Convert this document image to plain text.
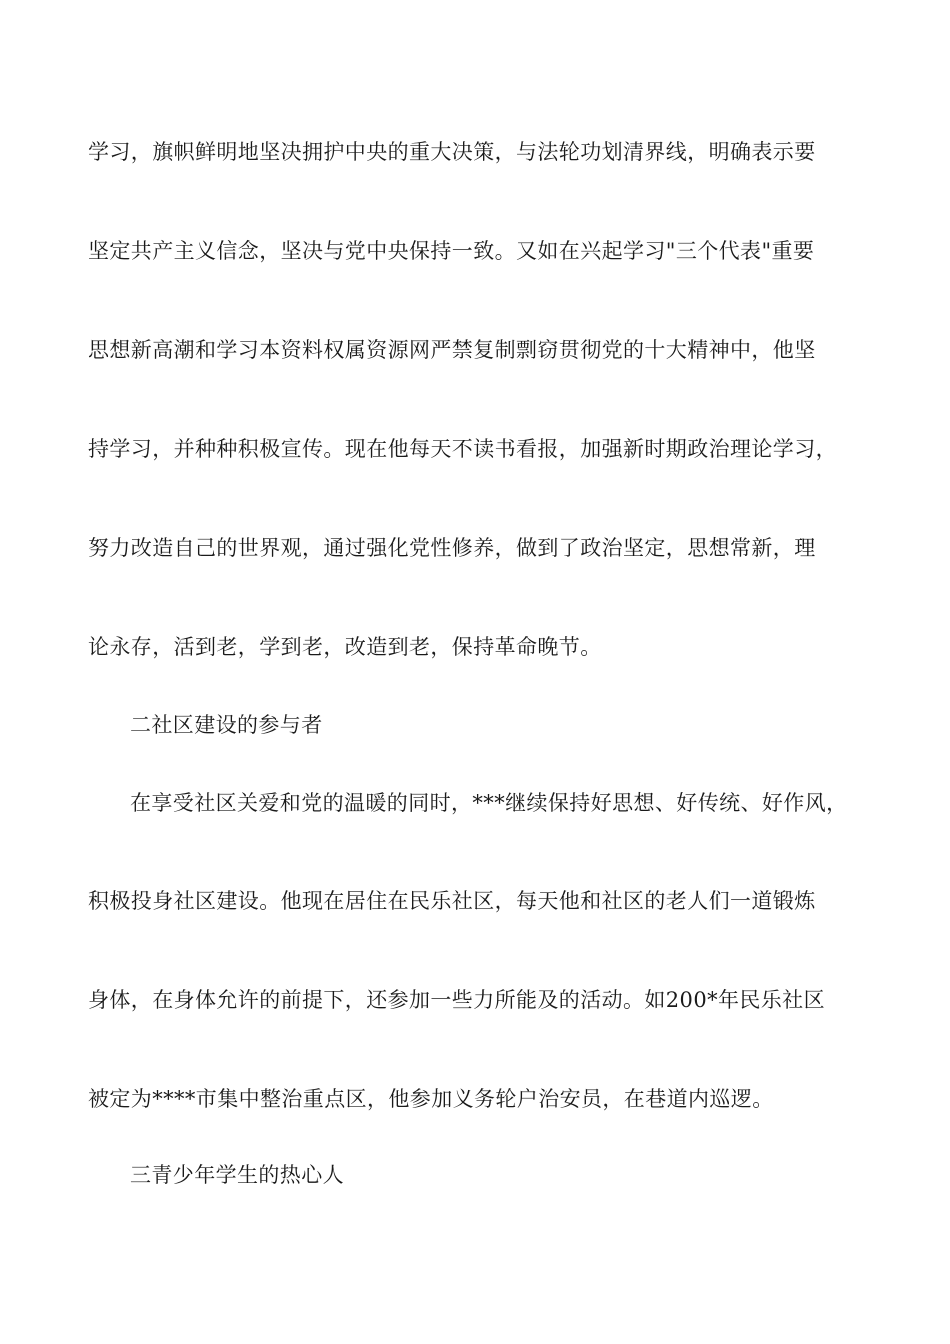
学习，旗帜鲜明地坚决拥护中央的重大决策，与法轮功划清界线，明确表示要
坚定共产主义信念，坚决与党中央保持一致。又如在兴起学习"三个代表"重要
思想新高潮和学习本资料权属资源网严禁复制剽窃贯彻党的十大精神中，他坚
持学习，并种种积极宣传。现在他每天不读书看报，加强新时期政治理论学习，
努力改造自己的世界观，通过强化党性修养，做到了政治坚定，思想常新，理
论永存，活到老，学到老，改造到老，保持革命晚节。
二社区建设的参与者
在享受社区关爱和党的温暖的同时，***继续保持好思想、好传统、好作风，
积极投身社区建设。他现在居住在民乐社区，每天他和社区的老人们一道锻炼
身体，在身体允许的前提下，还参加一些力所能及的活动。如200*年民乐社区
被定为****市集中整治重点区，他参加义务轮户治安员，在巷道内巡逻。
三青少年学生的热心人
